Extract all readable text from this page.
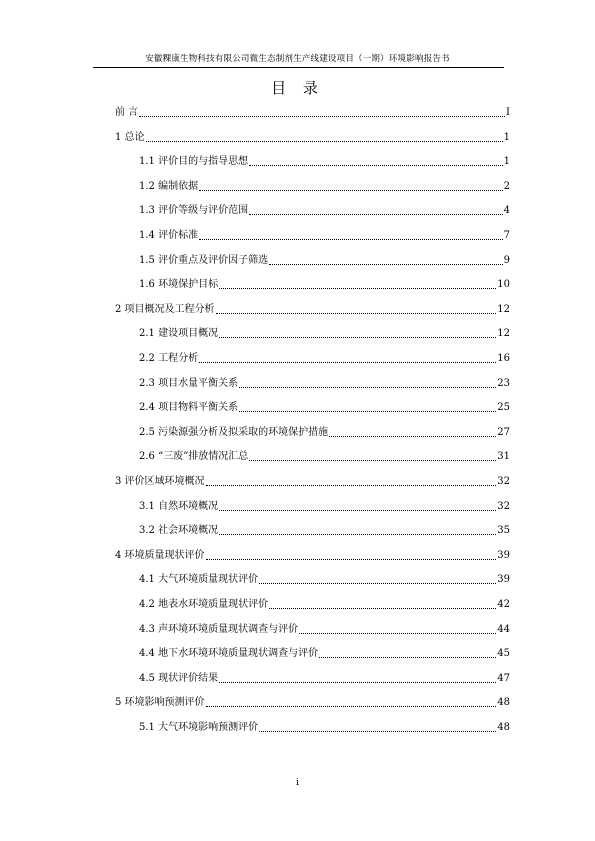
安徽粿康生物科技有限公司微生态制剂生产线建设项目（一期）环境影响报告书
目 录
前 言	I
1 总论	1
1.1 评价目的与指导思想	1
1.2 编制依据	2
1.3 评价等级与评价范围	4
1.4 评价标准	7
1.5 评价重点及评价因子筛选	9
1.6 环境保护目标	10
2 项目概况及工程分析	12
2.1 建设项目概况	12
2.2 工程分析	16
2.3 项目水量平衡关系	23
2.4 项目物料平衡关系	25
2.5 污染源强分析及拟采取的环境保护措施	27
2.6 “三废”排放情况汇总	31
3 评价区域环境概况	32
3.1 自然环境概况	32
3.2 社会环境概况	35
4 环境质量现状评价	39
4.1 大气环境质量现状评价	39
4.2 地表水环境质量现状评价	42
4.3 声环境环境质量现状调查与评价	44
4.4 地下水环境环境质量现状调查与评价	45
4.5 现状评价结果	47
5 环境影响预测评价	48
5.1 大气环境影响预测评价	48
i
